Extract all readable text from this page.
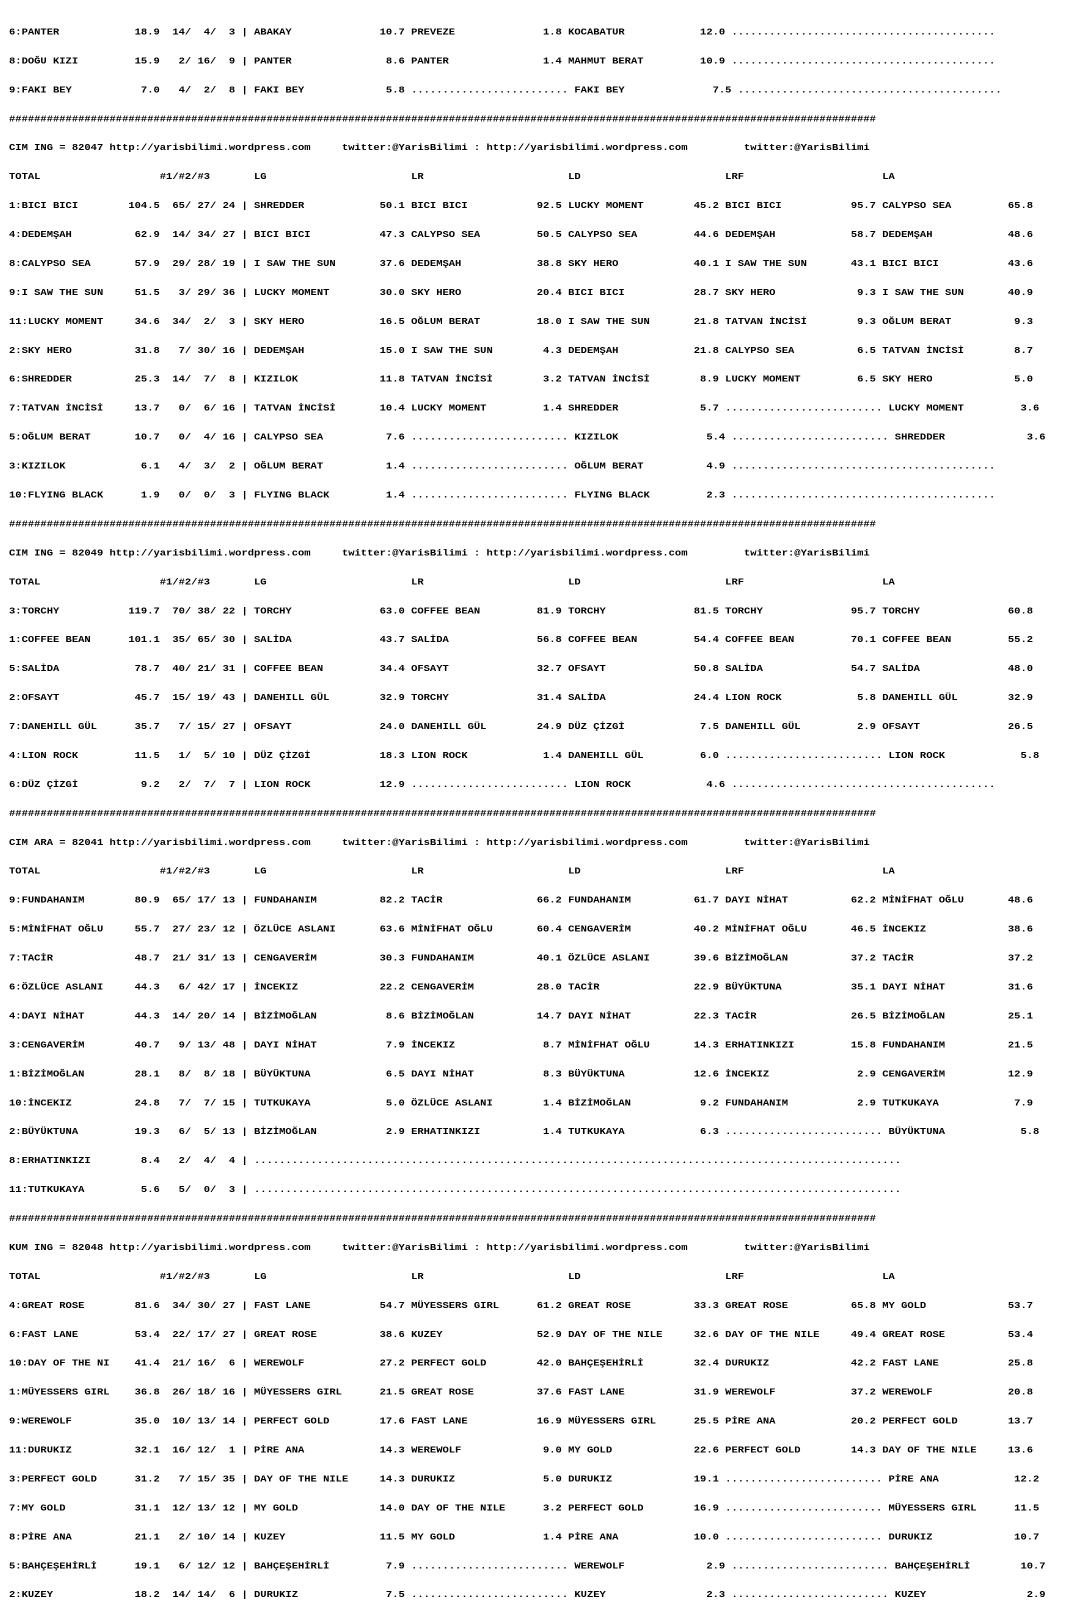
6:PANTER            18.9  14/  4/  3 | ABAKAY              10.7 PREVEZE              1.8 KOCABATUR            12.0 ..........................................

8:DOĞU KIZI         15.9   2/ 16/  9 | PANTER               8.6 PANTER               1.4 MAHMUT BERAT         10.9 ..........................................

9:FAKI BEY           7.0   4/  2/  8 | FAKI BEY             5.8 ......................... FAKI BEY              7.5 ..........................................

##########################################################################################################################################

CIM ING = 82047 http://yarisbilimi.wordpress.com     twitter:@YarisBilimi : http://yarisbilimi.wordpress.com         twitter:@YarisBilimi

TOTAL                   #1/#2/#3       LG                       LR                       LD                       LRF                      LA

1:BICI BICI        104.5  65/ 27/ 24 | SHREDDER            50.1 BICI BICI           92.5 LUCKY MOMENT        45.2 BICI BICI           95.7 CALYPSO SEA         65.8

4:DEDEMŞAH          62.9  14/ 34/ 27 | BICI BICI           47.3 CALYPSO SEA         50.5 CALYPSO SEA         44.6 DEDEMŞAH            58.7 DEDEMŞAH            48.6

8:CALYPSO SEA       57.9  29/ 28/ 19 | I SAW THE SUN       37.6 DEDEMŞAH            38.8 SKY HERO            40.1 I SAW THE SUN       43.1 BICI BICI           43.6

9:I SAW THE SUN     51.5   3/ 29/ 36 | LUCKY MOMENT        30.0 SKY HERO            20.4 BICI BICI           28.7 SKY HERO             9.3 I SAW THE SUN       40.9

11:LUCKY MOMENT     34.6  34/  2/  3 | SKY HERO            16.5 OĞLUM BERAT         18.0 I SAW THE SUN       21.8 TATVAN İNCİSİ        9.3 OĞLUM BERAT          9.3

2:SKY HERO          31.8   7/ 30/ 16 | DEDEMŞAH            15.0 I SAW THE SUN        4.3 DEDEMŞAH            21.8 CALYPSO SEA          6.5 TATVAN İNCİSİ        8.7

6:SHREDDER          25.3  14/  7/  8 | KIZILOK             11.8 TATVAN İNCİSİ        3.2 TATVAN İNCİSİ        8.9 LUCKY MOMENT         6.5 SKY HERO             5.0

7:TATVAN İNCİSİ     13.7   0/  6/ 16 | TATVAN İNCİSİ       10.4 LUCKY MOMENT         1.4 SHREDDER             5.7 ......................... LUCKY MOMENT         3.6

5:OĞLUM BERAT       10.7   0/  4/ 16 | CALYPSO SEA          7.6 ......................... KIZILOK              5.4 ......................... SHREDDER             3.6

3:KIZILOK            6.1   4/  3/  2 | OĞLUM BERAT          1.4 ......................... OĞLUM BERAT          4.9 ..........................................

10:FLYING BLACK      1.9   0/  0/  3 | FLYING BLACK         1.4 ......................... FLYING BLACK         2.3 ..........................................

##########################################################################################################################################

CIM ING = 82049 http://yarisbilimi.wordpress.com     twitter:@YarisBilimi : http://yarisbilimi.wordpress.com         twitter:@YarisBilimi

TOTAL                   #1/#2/#3       LG                       LR                       LD                       LRF                      LA

3:TORCHY           119.7  70/ 38/ 22 | TORCHY              63.0 COFFEE BEAN         81.9 TORCHY              81.5 TORCHY              95.7 TORCHY              60.8

1:COFFEE BEAN      101.1  35/ 65/ 30 | SALİDA              43.7 SALİDA              56.8 COFFEE BEAN         54.4 COFFEE BEAN         70.1 COFFEE BEAN         55.2

5:SALİDA            78.7  40/ 21/ 31 | COFFEE BEAN         34.4 OFSAYT              32.7 OFSAYT              50.8 SALİDA              54.7 SALİDA              48.0

2:OFSAYT            45.7  15/ 19/ 43 | DANEHILL GÜL        32.9 TORCHY              31.4 SALİDA              24.4 LION ROCK            5.8 DANEHILL GÜL        32.9

7:DANEHILL GÜL      35.7   7/ 15/ 27 | OFSAYT              24.0 DANEHILL GÜL        24.9 DÜZ ÇİZGİ            7.5 DANEHILL GÜL         2.9 OFSAYT              26.5

4:LION ROCK         11.5   1/  5/ 10 | DÜZ ÇİZGİ           18.3 LION ROCK            1.4 DANEHILL GÜL         6.0 ......................... LION ROCK            5.8

6:DÜZ ÇİZGİ          9.2   2/  7/  7 | LION ROCK           12.9 ......................... LION ROCK            4.6 ..........................................

##########################################################################################################################################

CIM ARA = 82041 http://yarisbilimi.wordpress.com     twitter:@YarisBilimi : http://yarisbilimi.wordpress.com         twitter:@YarisBilimi

TOTAL                   #1/#2/#3       LG                       LR                       LD                       LRF                      LA

9:FUNDAHANIM        80.9  65/ 17/ 13 | FUNDAHANIM          82.2 TACİR               66.2 FUNDAHANIM          61.7 DAYI NİHAT          62.2 MİNİFHAT OĞLU       48.6

5:MİNİFHAT OĞLU     55.7  27/ 23/ 12 | ÖZLÜCE ASLANI       63.6 MİNİFHAT OĞLU       60.4 CENGAVERİM          40.2 MİNİFHAT OĞLU       46.5 İNCEKIZ             38.6

7:TACİR             48.7  21/ 31/ 13 | CENGAVERİM          30.3 FUNDAHANIM          40.1 ÖZLÜCE ASLANI       39.6 BİZİMOĞLAN          37.2 TACİR               37.2

6:ÖZLÜCE ASLANI     44.3   6/ 42/ 17 | İNCEKIZ             22.2 CENGAVERİM          28.0 TACİR               22.9 BÜYÜKTUNA           35.1 DAYI NİHAT          31.6

4:DAYI NİHAT        44.3  14/ 20/ 14 | BİZİMOĞLAN           8.6 BİZİMOĞLAN          14.7 DAYI NİHAT          22.3 TACİR               26.5 BİZİMOĞLAN          25.1

3:CENGAVERİM        40.7   9/ 13/ 48 | DAYI NİHAT           7.9 İNCEKIZ              8.7 MİNİFHAT OĞLU       14.3 ERHATINKIZI         15.8 FUNDAHANIM          21.5

1:BİZİMOĞLAN        28.1   8/  8/ 18 | BÜYÜKTUNA            6.5 DAYI NİHAT           8.3 BÜYÜKTUNA           12.6 İNCEKIZ              2.9 CENGAVERİM          12.9

10:İNCEKIZ          24.8   7/  7/ 15 | TUTKUKAYA            5.0 ÖZLÜCE ASLANI        1.4 BİZİMOĞLAN           9.2 FUNDAHANIM           2.9 TUTKUKAYA            7.9

2:BÜYÜKTUNA         19.3   6/  5/ 13 | BİZİMOĞLAN           2.9 ERHATINKIZI          1.4 TUTKUKAYA            6.3 ......................... BÜYÜKTUNA            5.8

8:ERHATINKIZI        8.4   2/  4/  4 | .......................................................................................................

11:TUTKUKAYA         5.6   5/  0/  3 | .......................................................................................................

##########################################################################################################################################

KUM ING = 82048 http://yarisbilimi.wordpress.com     twitter:@YarisBilimi : http://yarisbilimi.wordpress.com         twitter:@YarisBilimi

TOTAL                   #1/#2/#3       LG                       LR                       LD                       LRF                      LA

4:GREAT ROSE        81.6  34/ 30/ 27 | FAST LANE           54.7 MÜYESSERS GIRL      61.2 GREAT ROSE          33.3 GREAT ROSE          65.8 MY GOLD             53.7

6:FAST LANE         53.4  22/ 17/ 27 | GREAT ROSE          38.6 KUZEY               52.9 DAY OF THE NILE     32.6 DAY OF THE NILE     49.4 GREAT ROSE          53.4

10:DAY OF THE NI    41.4  21/ 16/  6 | WEREWOLF            27.2 PERFECT GOLD        42.0 BAHÇEŞEHİRLİ        32.4 DURUKIZ             42.2 FAST LANE           25.8

1:MÜYESSERS GIRL    36.8  26/ 18/ 16 | MÜYESSERS GIRL      21.5 GREAT ROSE          37.6 FAST LANE           31.9 WEREWOLF            37.2 WEREWOLF            20.8

9:WEREWOLF          35.0  10/ 13/ 14 | PERFECT GOLD        17.6 FAST LANE           16.9 MÜYESSERS GIRL      25.5 PİRE ANA            20.2 PERFECT GOLD        13.7

11:DURUKIZ          32.1  16/ 12/  1 | PİRE ANA            14.3 WEREWOLF             9.0 MY GOLD             22.6 PERFECT GOLD        14.3 DAY OF THE NILE     13.6

3:PERFECT GOLD      31.2   7/ 15/ 35 | DAY OF THE NILE     14.3 DURUKIZ              5.0 DURUKIZ             19.1 ......................... PİRE ANA            12.2

7:MY GOLD           31.1  12/ 13/ 12 | MY GOLD             14.0 DAY OF THE NILE      3.2 PERFECT GOLD        16.9 ......................... MÜYESSERS GIRL      11.5

8:PİRE ANA          21.1   2/ 10/ 14 | KUZEY               11.5 MY GOLD              1.4 PİRE ANA            10.0 ......................... DURUKIZ             10.7

5:BAHÇEŞEHİRLİ      19.1   6/ 12/ 12 | BAHÇEŞEHİRLİ         7.9 ......................... WEREWOLF             2.9 ......................... BAHÇEŞEHİRLİ        10.7

2:KUZEY             18.2  14/ 14/  6 | DURUKIZ              7.5 ......................... KUZEY                2.3 ......................... KUZEY                2.9
